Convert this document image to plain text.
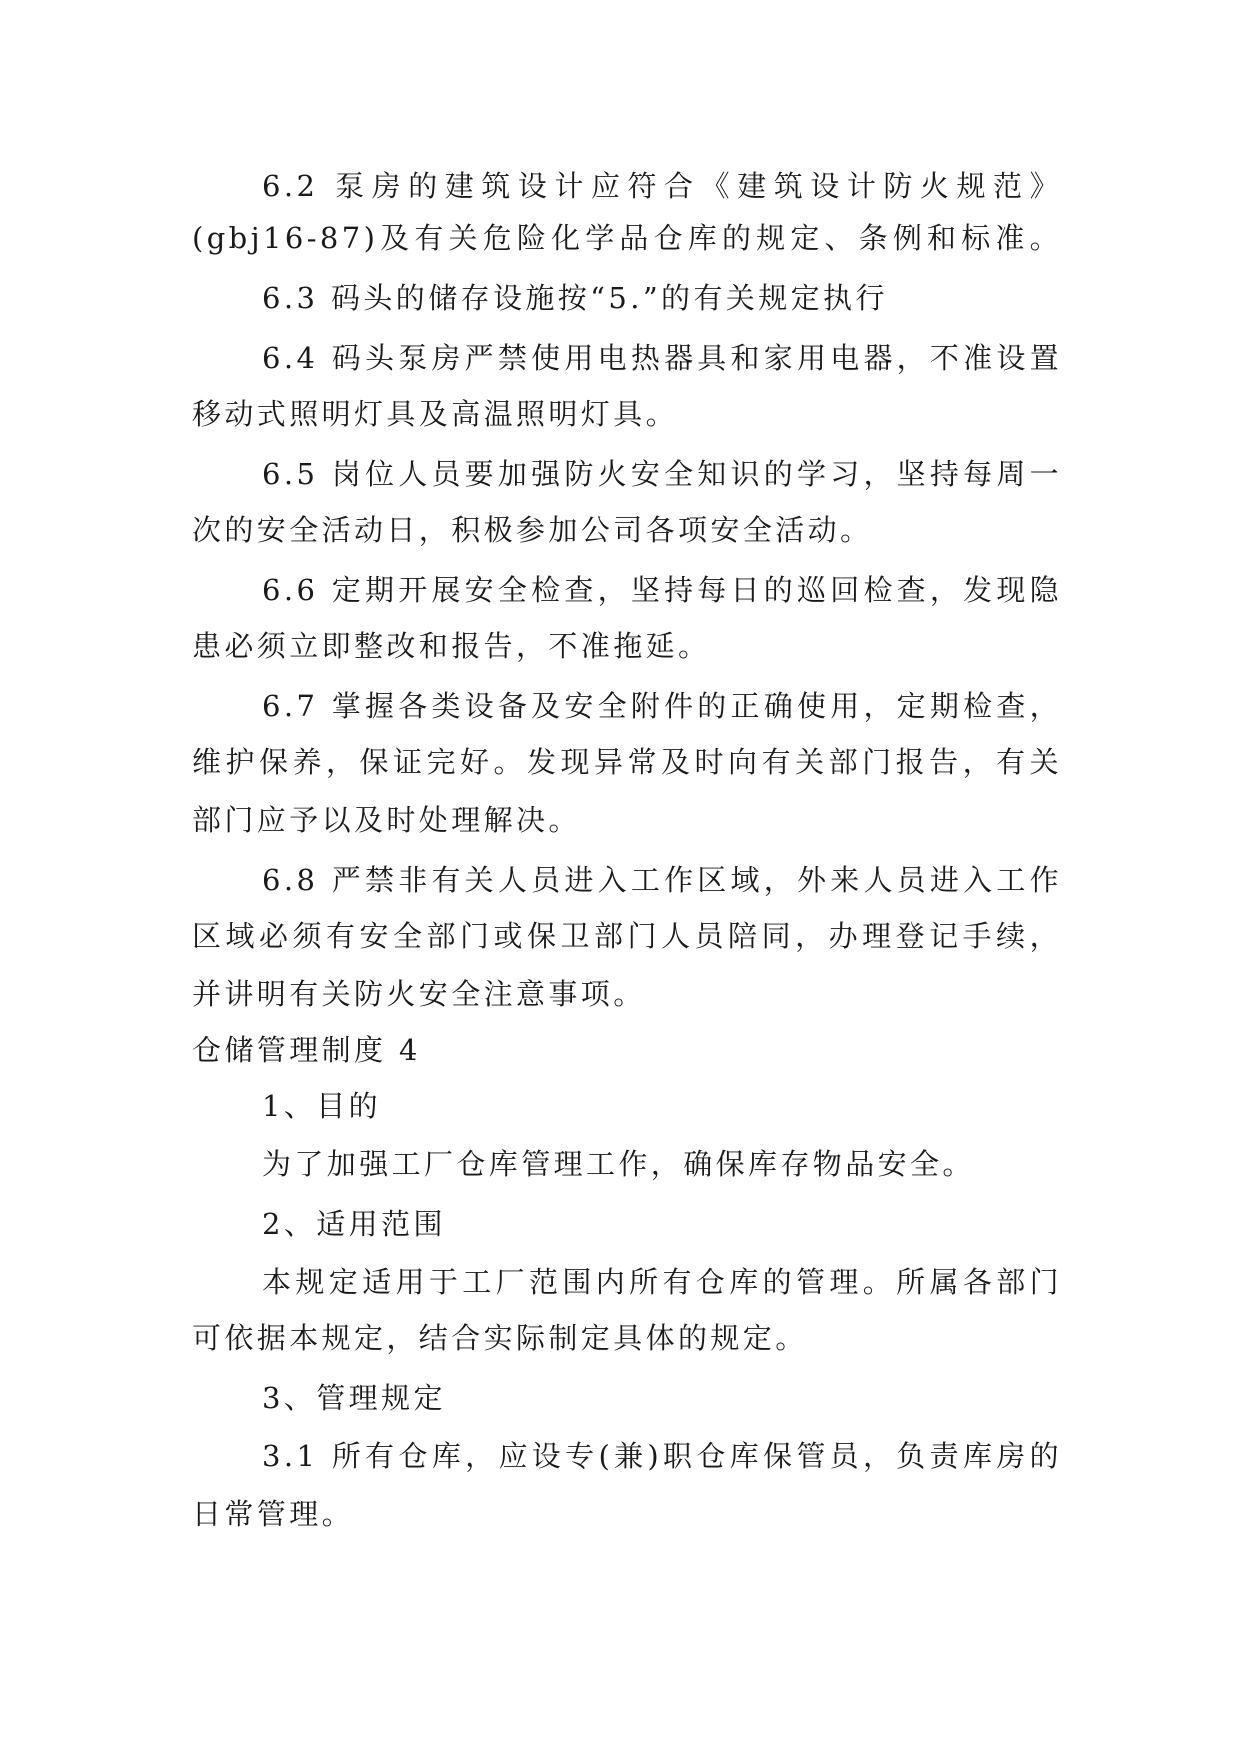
6.2 泵房的建筑设计应符合《建筑设计防火规范》
(gbj16-87)及有关危险化学品仓库的规定、条例和标准。
6.3 码头的储存设施按“5.”的有关规定执行
6.4 码头泵房严禁使用电热器具和家用电器，不准设置
移动式照明灯具及高温照明灯具。
6.5 岗位人员要加强防火安全知识的学习，坚持每周一
次的安全活动日，积极参加公司各项安全活动。
6.6 定期开展安全检查，坚持每日的巡回检查，发现隐
患必须立即整改和报告，不准拖延。
6.7 掌握各类设备及安全附件的正确使用，定期检查，
维护保养，保证完好。发现异常及时向有关部门报告，有关
部门应予以及时处理解决。
6.8 严禁非有关人员进入工作区域，外来人员进入工作
区域必须有安全部门或保卫部门人员陪同，办理登记手续，
并讲明有关防火安全注意事项。
仓储管理制度 4
1、目的
为了加强工厂仓库管理工作，确保库存物品安全。
2、适用范围
本规定适用于工厂范围内所有仓库的管理。所属各部门
可依据本规定，结合实际制定具体的规定。
3、管理规定
3.1 所有仓库，应设专(兼)职仓库保管员，负责库房的
日常管理。
